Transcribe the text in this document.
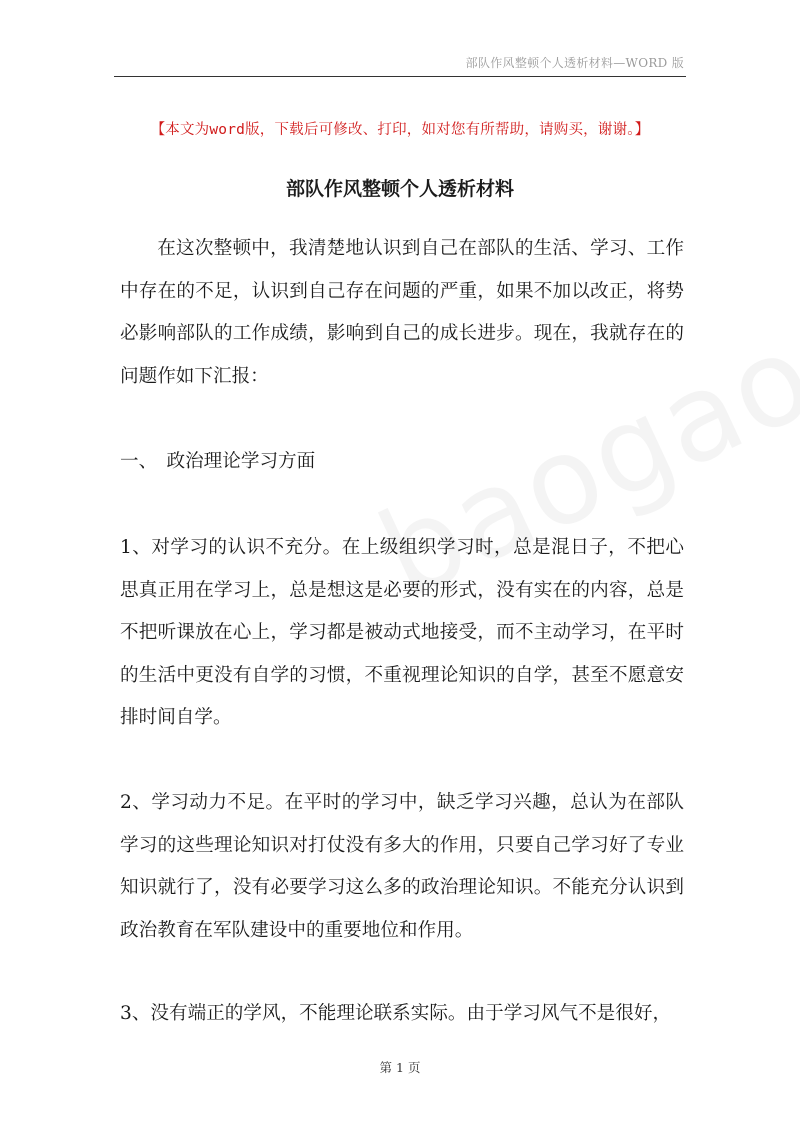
部队作风整顿个人透析材料—WORD 版
【本文为word版，下载后可修改、打印，如对您有所帮助，请购买，谢谢。】
部队作风整顿个人透析材料

在这次整顿中，我清楚地认识到自己在部队的生活、学习、工作中存在的不足，认识到自己存在问题的严重，如果不加以改正，将势必影响部队的工作成绩，影响到自己的成长进步。现在，我就存在的问题作如下汇报：

一、　政治理论学习方面

1、对学习的认识不充分。在上级组织学习时，总是混日子，不把心思真正用在学习上，总是想这是必要的形式，没有实在的内容，总是不把听课放在心上，学习都是被动式地接受，而不主动学习，在平时的生活中更没有自学的习惯，不重视理论知识的自学，甚至不愿意安排时间自学。

2、学习动力不足。在平时的学习中，缺乏学习兴趣，总认为在部队学习的这些理论知识对打仗没有多大的作用，只要自己学习好了专业知识就行了，没有必要学习这么多的政治理论知识。不能充分认识到政治教育在军队建设中的重要地位和作用。

3、没有端正的学风，不能理论联系实际。由于学习风气不是很好，

第 1 页
